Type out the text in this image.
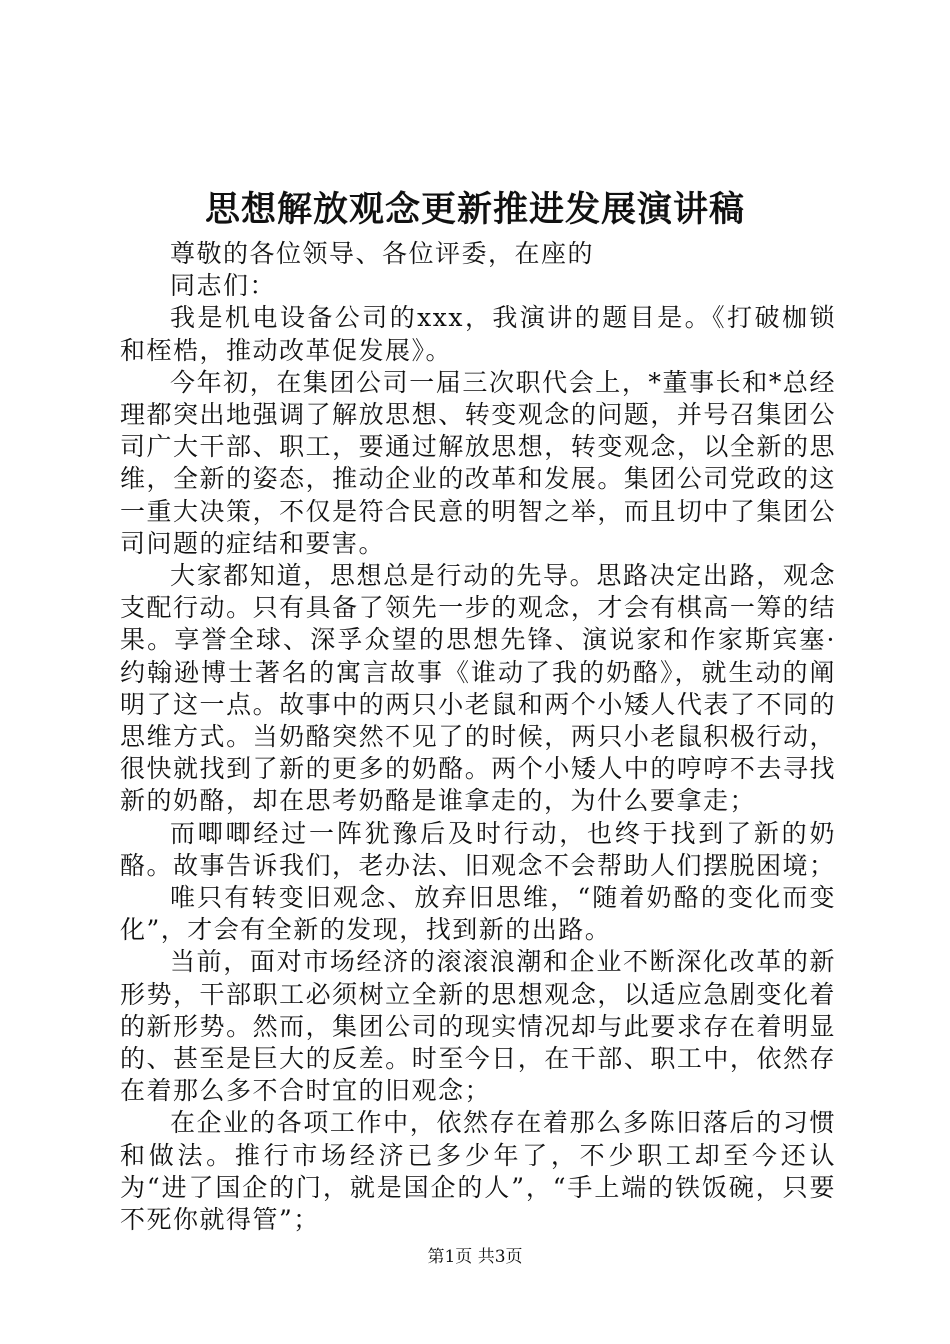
思想解放观念更新推进发展演讲稿

尊敬的各位领导、各位评委，在座的

同志们：

我是机电设备公司的xxx，我演讲的题目是。《打破枷锁和桎梏，推动改革促发展》。

今年初，在集团公司一届三次职代会上，*董事长和*总经理都突出地强调了解放思想、转变观念的问题，并号召集团公司广大干部、职工，要通过解放思想，转变观念，以全新的思维，全新的姿态，推动企业的改革和发展。集团公司党政的这一重大决策，不仅是符合民意的明智之举，而且切中了集团公司问题的症结和要害。

大家都知道，思想总是行动的先导。思路决定出路，观念支配行动。只有具备了领先一步的观念，才会有棋高一筹的结果。享誉全球、深孚众望的思想先锋、演说家和作家斯宾塞·约翰逊博士著名的寓言故事《谁动了我的奶酪》，就生动的阐明了这一点。故事中的两只小老鼠和两个小矮人代表了不同的思维方式。当奶酪突然不见了的时候，两只小老鼠积极行动，很快就找到了新的更多的奶酪。两个小矮人中的哼哼不去寻找新的奶酪，却在思考奶酪是谁拿走的，为什么要拿走；

而唧唧经过一阵犹豫后及时行动，也终于找到了新的奶酪。故事告诉我们，老办法、旧观念不会帮助人们摆脱困境；

唯只有转变旧观念、放弃旧思维，“随着奶酪的变化而变化”，才会有全新的发现，找到新的出路。

当前，面对市场经济的滚滚浪潮和企业不断深化改革的新形势，干部职工必须树立全新的思想观念，以适应急剧变化着的新形势。然而，集团公司的现实情况却与此要求存在着明显的、甚至是巨大的反差。时至今日，在干部、职工中，依然存在着那么多不合时宜的旧观念；

在企业的各项工作中，依然存在着那么多陈旧落后的习惯和做法。推行市场经济已多少年了，不少职工却至今还认为“进了国企的门，就是国企的人”，“手上端的铁饭碗，只要不死你就得管”；

第1页 共3页
